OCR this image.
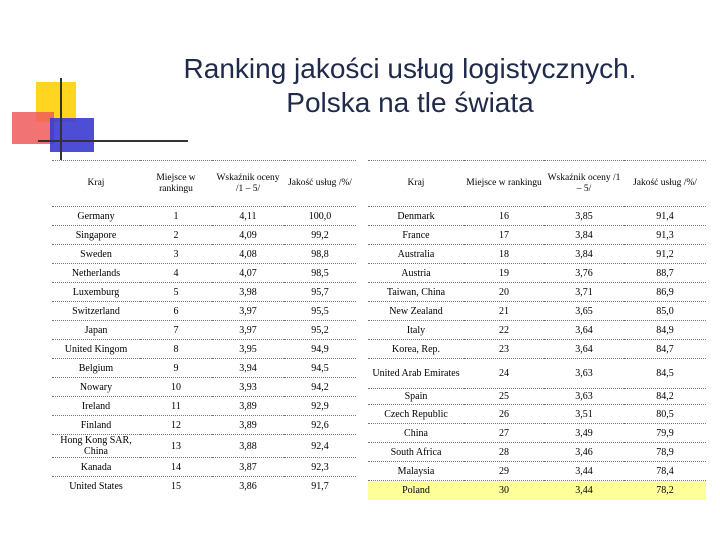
Ranking jakości usług logistycznych.
Polska na tle świata
Kraj	Miejsce w rankingu	Wskaźnik oceny /1 – 5/	Jakość usług /%/
Germany	1	4,11	100,0
Singapore	2	4,09	99,2
Sweden	3	4,08	98,8
Netherlands	4	4,07	98,5
Luxemburg	5	3,98	95,7
Switzerland	6	3,97	95,5
Japan	7	3,97	95,2
United Kingom	8	3,95	94,9
Belgium	9	3,94	94,5
Nowary	10	3,93	94,2
Ireland	11	3,89	92,9
Finland	12	3,89	92,6
Hong Kong SAR, China	13	3,88	92,4
Kanada	14	3,87	92,3
United States	15	3,86	91,7
Kraj	Miejsce w rankingu	Wskaźnik oceny /1 – 5/	Jakość usług /%/
Denmark	16	3,85	91,4
France	17	3,84	91,3
Australia	18	3,84	91,2
Austria	19	3,76	88,7
Taiwan, China	20	3,71	86,9
New Zealand	21	3,65	85,0
Italy	22	3,64	84,9
Korea, Rep.	23	3,64	84,7
United Arab Emirates	24	3,63	84,5
Spain	25	3,63	84,2
Czech Republic	26	3,51	80,5
China	27	3,49	79,9
South Africa	28	3,46	78,9
Malaysia	29	3,44	78,4
Poland	30	3,44	78,2
